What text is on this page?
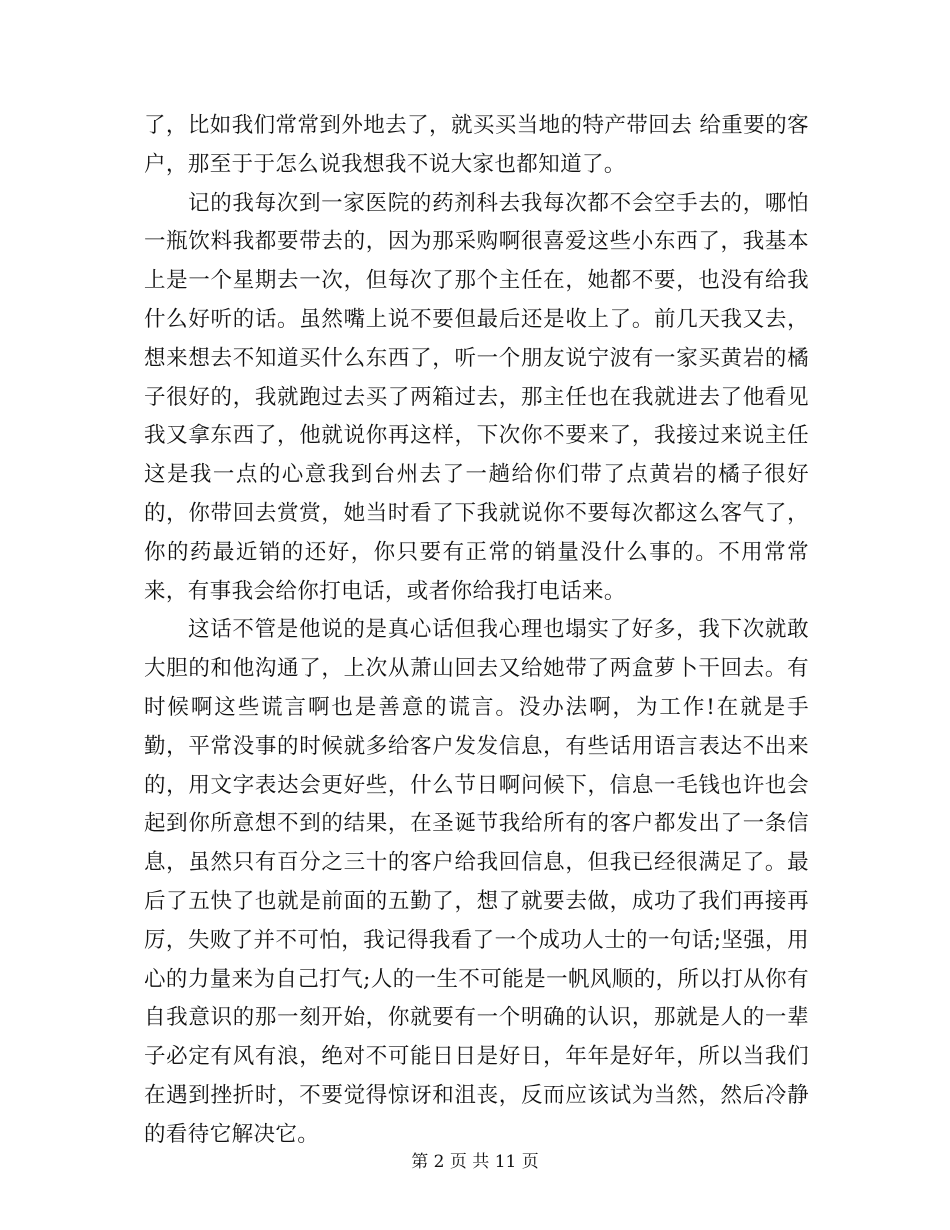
了，比如我们常常到外地去了，就买买当地的特产带回去 给重要的客户，那至于于怎么说我想我不说大家也都知道了。

记的我每次到一家医院的药剂科去我每次都不会空手去的，哪怕一瓶饮料我都要带去的，因为那采购啊很喜爱这些小东西了，我基本上是一个星期去一次，但每次了那个主任在，她都不要，也没有给我什么好听的话。虽然嘴上说不要但最后还是收上了。前几天我又去，想来想去不知道买什么东西了，听一个朋友说宁波有一家买黄岩的橘子很好的，我就跑过去买了两箱过去，那主任也在我就进去了他看见我又拿东西了，他就说你再这样，下次你不要来了，我接过来说主任这是我一点的心意我到台州去了一趟给你们带了点黄岩的橘子很好的，你带回去赏赏，她当时看了下我就说你不要每次都这么客气了，你的药最近销的还好，你只要有正常的销量没什么事的。不用常常来，有事我会给你打电话，或者你给我打电话来。

这话不管是他说的是真心话但我心理也塌实了好多，我下次就敢大胆的和他沟通了，上次从萧山回去又给她带了两盒萝卜干回去。有时候啊这些谎言啊也是善意的谎言。没办法啊，为工作!在就是手勤，平常没事的时候就多给客户发发信息，有些话用语言表达不出来的，用文字表达会更好些，什么节日啊问候下，信息一毛钱也许也会起到你所意想不到的结果，在圣诞节我给所有的客户都发出了一条信息，虽然只有百分之三十的客户给我回信息，但我已经很满足了。最后了五快了也就是前面的五勤了，想了就要去做，成功了我们再接再厉，失败了并不可怕，我记得我看了一个成功人士的一句话;坚强，用心的力量来为自己打气;人的一生不可能是一帆风顺的，所以打从你有自我意识的那一刻开始，你就要有一个明确的认识，那就是人的一辈子必定有风有浪，绝对不可能日日是好日，年年是好年，所以当我们在遇到挫折时，不要觉得惊讶和沮丧，反而应该试为当然，然后冷静的看待它解决它。

第 2 页 共 11 页
